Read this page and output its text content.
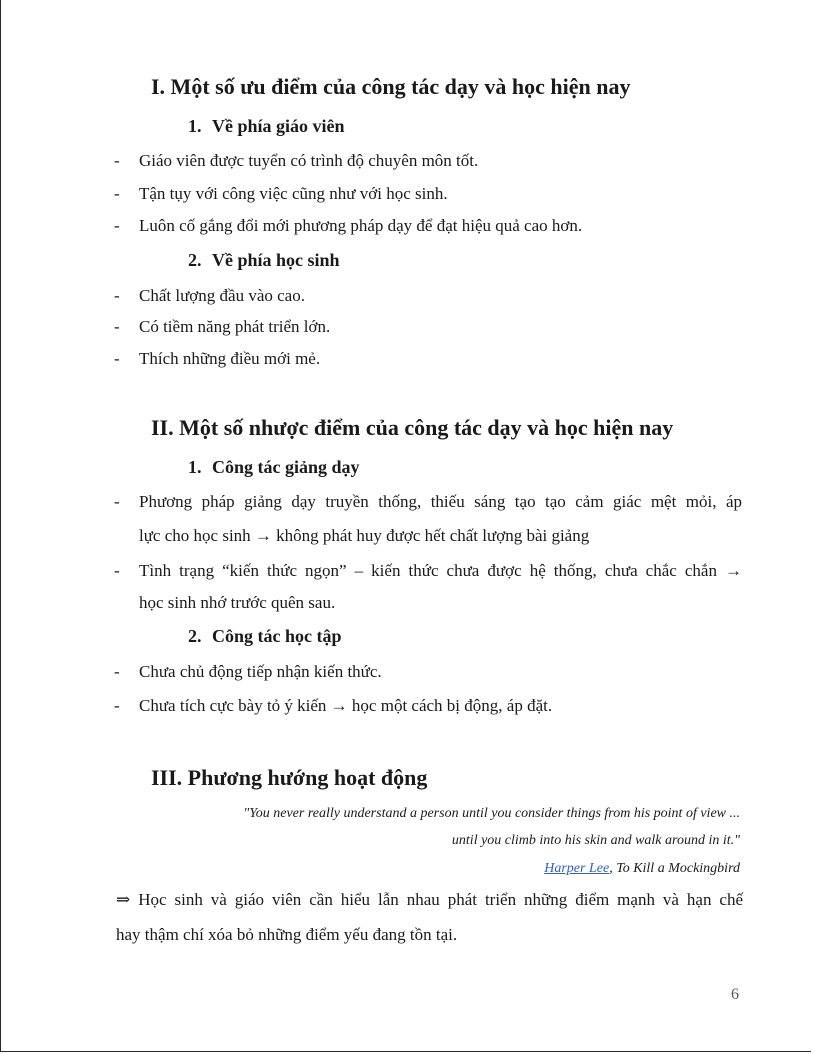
I. Một số ưu điểm của công tác dạy và học hiện nay
1. Về phía giáo viên
- Giáo viên được tuyển có trình độ chuyên môn tốt.
- Tận tụy với công việc cũng như với học sinh.
- Luôn cố gắng đổi mới phương pháp dạy để đạt hiệu quả cao hơn.
2. Về phía học sinh
- Chất lượng đầu vào cao.
- Có tiềm năng phát triển lớn.
- Thích những điều mới mẻ.
II. Một số nhược điểm của công tác dạy và học hiện nay
1. Công tác giảng dạy
- Phương pháp giảng dạy truyền thống, thiếu sáng tạo tạo cảm giác mệt mỏi, áp
lực cho học sinh → không phát huy được hết chất lượng bài giảng
- Tình trạng “kiến thức ngọn” – kiến thức chưa được hệ thống, chưa chắc chắn →
học sinh nhớ trước quên sau.
2. Công tác học tập
- Chưa chủ động tiếp nhận kiến thức.
- Chưa tích cực bày tỏ ý kiến → học một cách bị động, áp đặt.
III. Phương hướng hoạt động
"You never really understand a person until you consider things from his point of view ...
until you climb into his skin and walk around in it."
Harper Lee, To Kill a Mockingbird
⇒ Học sinh và giáo viên cần hiểu lẫn nhau phát triển những điểm mạnh và hạn chế
hay thậm chí xóa bỏ những điểm yếu đang tồn tại.
6
